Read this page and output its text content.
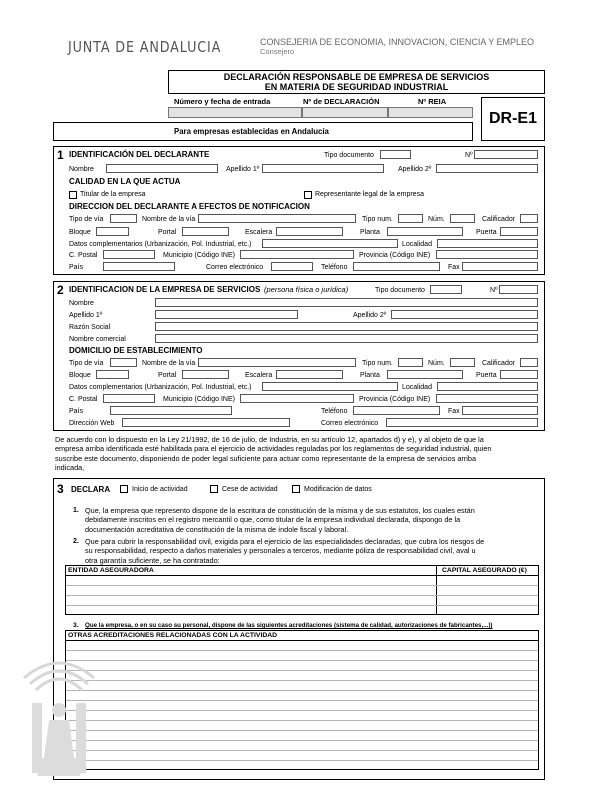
JUNTA DE ANDALUCIA	CONSEJERIA DE ECONOMIA, INNOVACION, CIENCIA Y EMPLEO
Consejero
DECLARACIÓN RESPONSABLE DE EMPRESA DE SERVICIOS
EN MATERIA DE SEGURIDAD INDUSTRIAL
Número y fecha de entrada	Nº de DECLARACIÓN	Nº REIA
DR-E1
Para empresas establecidas en Andalucía
1 IDENTIFICACIÓN DEL DECLARANTE	Tipo documento	Nº
Nombre	Apellido 1º	Apellido 2º
CALIDAD EN LA QUE ACTUA
Titular de la empresa	Representante legal de la empresa
DIRECCION DEL DECLARANTE A EFECTOS DE NOTIFICACION
Tipo de vía	Nombre de la vía	Tipo num.	Núm.	Calificador
Bloque	Portal	Escalera	Planta	Puerta
Datos complementarios (Urbanización, Pol. Industrial, etc.)	Localidad
C. Postal	Municipio (Código INE)	Provincia (Código INE)
País	Correo electrónico	Teléfono	Fax
2 IDENTIFICACION DE LA EMPRESA DE SERVICIOS (persona física o jurídica)	Tipo documento	Nº
Nombre
Apellido 1º	Apellido 2º
Razón Social
Nombre comercial
DOMICILIO DE ESTABLECIMIENTO
Tipo de vía	Nombre de la vía	Tipo num.	Núm.	Calificador
Bloque	Portal	Escalera	Planta	Puerta
Datos complementarios (Urbanización, Pol. Industrial, etc.)	Localidad
C. Postal	Municipio (Código INE)	Provincia (Código INE)
País	Teléfono	Fax
Dirección Web	Correo electrónico
De acuerdo con lo dispuesto en la Ley 21/1992, de 16 de julio, de Industria, en su artículo 12, apartados d) y e), y al objeto de que la
empresa arriba identificada esté habilitada para el ejercicio de actividades reguladas por los reglamentos de seguridad industrial, quien
suscribe este documento, disponiendo de poder legal suficiente para actuar como representante de la empresa de servicios arriba
indicada,
3 DECLARA	Inicio de actividad	Cese de actividad	Modificación de datos
1. Que, la empresa que represento dispone de la escritura de constitución de la misma y de sus estatutos, los cuales están
debidamente inscritos en el registro mercantil o que, como titular de la empresa individual declarada, dispongo de la
documentación acreditativa de constitución de la misma de índole fiscal y laboral.
2. Que para cubrir la responsabilidad civil, exigida para el ejercicio de las especialidades declaradas, que cubra los riesgos de
su responsabilidad, respecto a daños materiales y personales a terceros, mediante póliza de responsabilidad civil, aval u
otra garantía suficiente, se ha contratado:
ENTIDAD ASEGURADORA	CAPITAL ASEGURADO (€)
3. Que la empresa, o en su caso su personal, dispone de las siguientes acreditaciones (sistema de calidad, autorizaciones de fabricantes,...))
OTRAS ACREDITACIONES RELACIONADAS CON LA ACTIVIDAD
